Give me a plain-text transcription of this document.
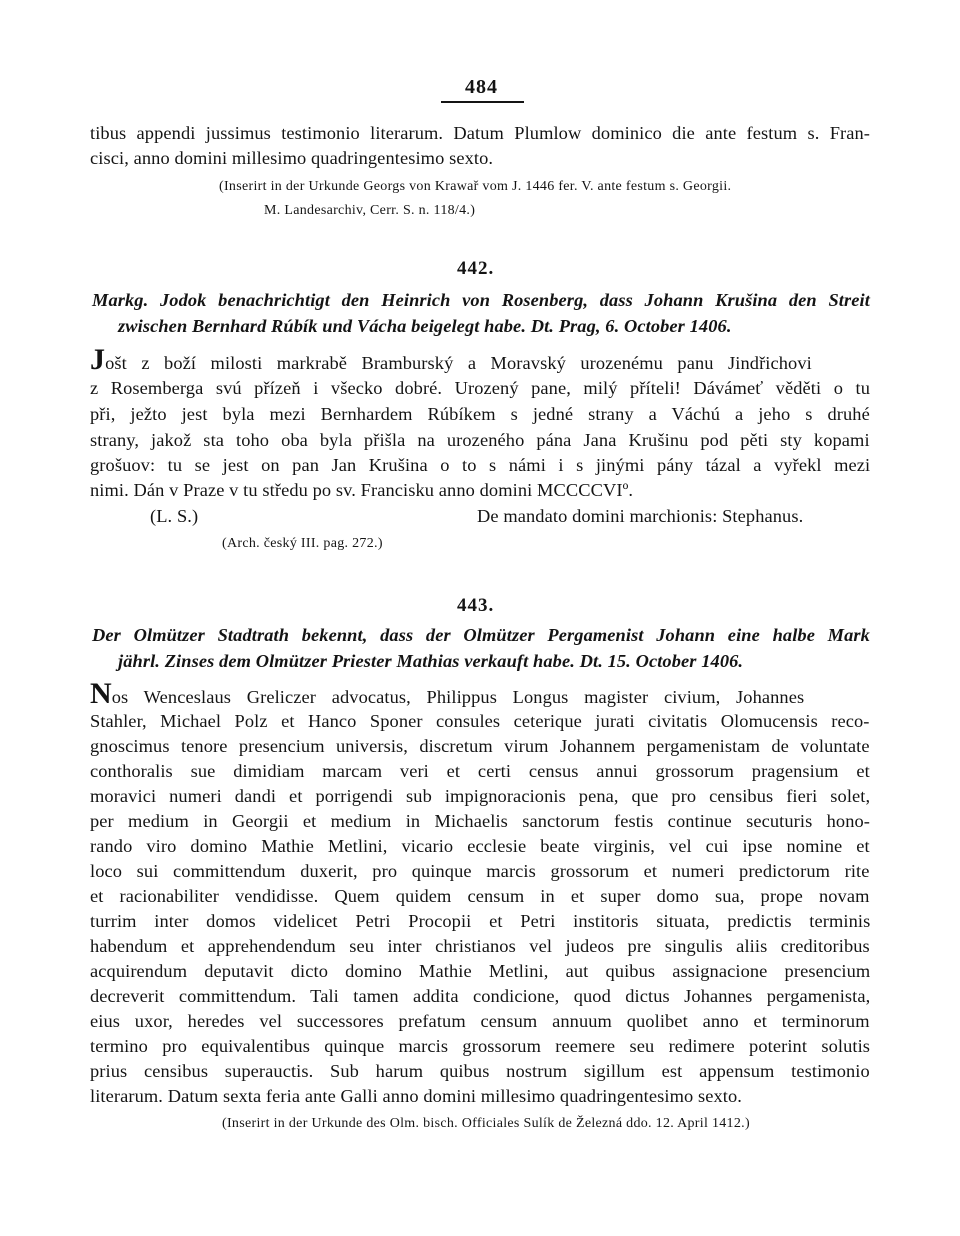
484
tibus appendi jussimus testimonio literarum. Datum Plumlow dominico die ante festum s. Fran-
cisci, anno domini millesimo quadringentesimo sexto.
(Inserirt in der Urkunde Georgs von Krawař vom J. 1446 fer. V. ante festum s. Georgii.
M. Landesarchiv, Cerr. S. n. 118/4.)
442.
Markg. Jodok benachrichtigt den Heinrich von Rosenberg, dass Johann Krušina den Streit
zwischen Bernhard Rúbík und Vácha beigelegt habe. Dt. Prag, 6. October 1406.
Jošt z boží milosti markrabě Bramburský a Moravský urozenému panu Jindřichovi
z Rosemberga svú přízeň i všecko dobré. Urozený pane, milý příteli! Dávámeť věděti o tu
při, ježto jest byla mezi Bernhardem Rúbíkem s jedné strany a Váchú a jeho s druhé
strany, jakož sta toho oba byla přišla na urozeného pána Jana Krušinu pod pěti sty kopami
grošuov: tu se jest on pan Jan Krušina o to s námi i s jinými pány tázal a vyřekl mezi
nimi. Dán v Praze v tu středu po sv. Francisku anno domini MCCCCVIº.
(L. S.)	De mandato domini marchionis: Stephanus.
(Arch. český III. pag. 272.)
443.
Der Olmützer Stadtrath bekennt, dass der Olmützer Pergamenist Johann eine halbe Mark
jährl. Zinses dem Olmützer Priester Mathias verkauft habe. Dt. 15. October 1406.
Nos Wenceslaus Greliczer advocatus, Philippus Longus magister civium, Johannes
Stahler, Michael Polz et Hanco Sponer consules ceterique jurati civitatis Olomucensis reco-
gnoscimus tenore presencium universis, discretum virum Johannem pergamenistam de voluntate
conthoralis sue dimidiam marcam veri et certi census annui grossorum pragensium et
moravici numeri dandi et porrigendi sub impignoracionis pena, que pro censibus fieri solet,
per medium in Georgii et medium in Michaelis sanctorum festis continue secuturis hono-
rando viro domino Mathie Metlini, vicario ecclesie beate virginis, vel cui ipse nomine et
loco sui committendum duxerit, pro quinque marcis grossorum et numeri predictorum rite
et racionabiliter vendidisse. Quem quidem censum in et super domo sua, prope novam
turrim inter domos videlicet Petri Procopii et Petri institoris situata, predictis terminis
habendum et apprehendendum seu inter christianos vel judeos pre singulis aliis creditoribus
acquirendum deputavit dicto domino Mathie Metlini, aut quibus assignacione presencium
decreverit committendum. Tali tamen addita condicione, quod dictus Johannes pergamenista,
eius uxor, heredes vel successores prefatum censum annuum quolibet anno et terminorum
termino pro equivalentibus quinque marcis grossorum reemere seu redimere poterint solutis
prius censibus superauctis. Sub harum quibus nostrum sigillum est appensum testimonio
literarum. Datum sexta feria ante Galli anno domini millesimo quadringentesimo sexto.
(Inserirt in der Urkunde des Olm. bisch. Officiales Sulík de Železná ddo. 12. April 1412.)
